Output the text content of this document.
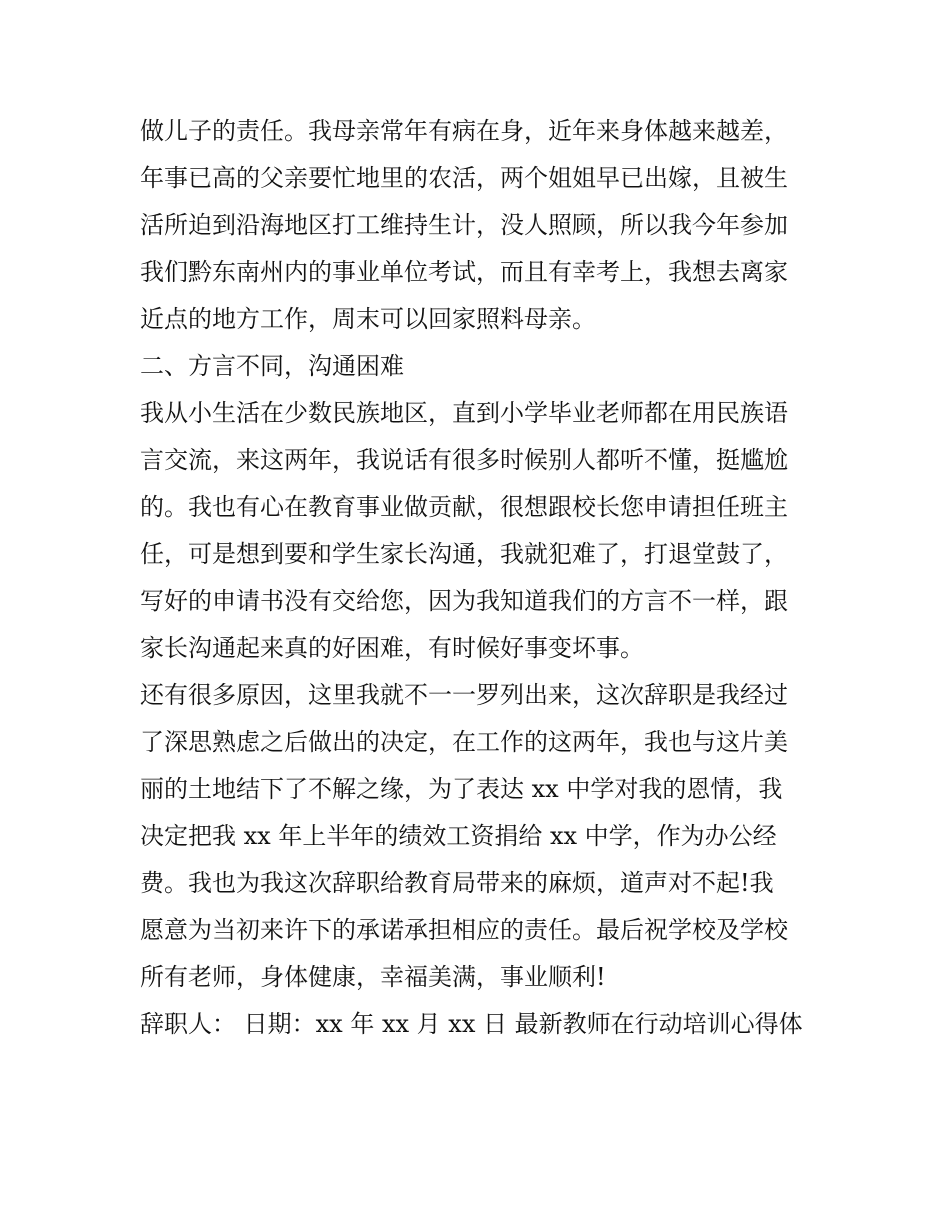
做儿子的责任。我母亲常年有病在身，近年来身体越来越差，
年事已高的父亲要忙地里的农活，两个姐姐早已出嫁，且被生
活所迫到沿海地区打工维持生计，没人照顾，所以我今年参加
我们黔东南州内的事业单位考试，而且有幸考上，我想去离家
近点的地方工作，周末可以回家照料母亲。
二、方言不同，沟通困难
我从小生活在少数民族地区，直到小学毕业老师都在用民族语
言交流，来这两年，我说话有很多时候别人都听不懂，挺尴尬
的。我也有心在教育事业做贡献，很想跟校长您申请担任班主
任，可是想到要和学生家长沟通，我就犯难了，打退堂鼓了，
写好的申请书没有交给您，因为我知道我们的方言不一样，跟
家长沟通起来真的好困难，有时候好事变坏事。
还有很多原因，这里我就不一一罗列出来，这次辞职是我经过
了深思熟虑之后做出的决定，在工作的这两年，我也与这片美
丽的土地结下了不解之缘，为了表达 xx 中学对我的恩情，我
决定把我 xx 年上半年的绩效工资捐给 xx 中学，作为办公经
费。我也为我这次辞职给教育局带来的麻烦，道声对不起!我
愿意为当初来许下的承诺承担相应的责任。最后祝学校及学校
所有老师，身体健康，幸福美满，事业顺利!
辞职人： 日期：xx 年 xx 月 xx 日 最新教师在行动培训心得体
